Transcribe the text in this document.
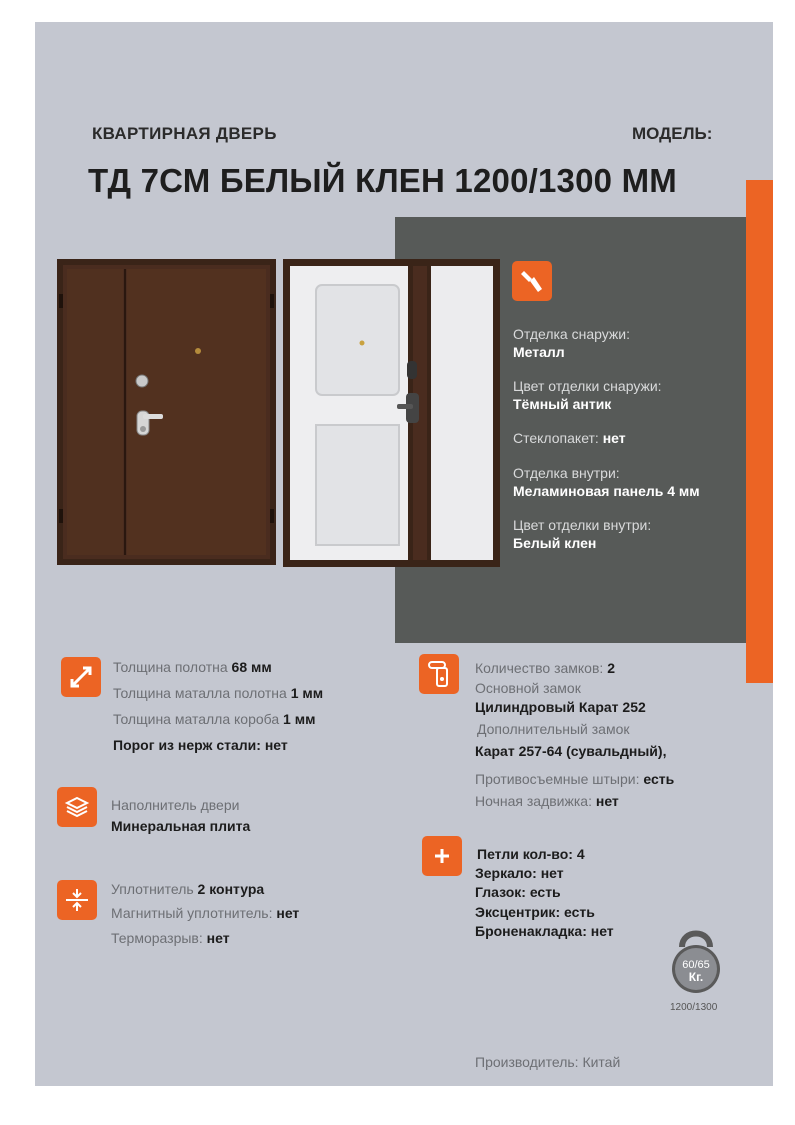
КВАРТИРНАЯ ДВЕРЬ	МОДЕЛЬ:
ТД 7СМ БЕЛЫЙ КЛЕН 1200/1300 ММ
Отделка снаружи:
Металл
Цвет отделки снаружи:
Тёмный антик
Стеклопакет: нет
Отделка внутри:
Меламиновая панель 4 мм
Цвет отделки внутри:
Белый клен
Толщина полотна 68 мм
Толщина маталла полотна 1 мм
Толщина маталла короба 1 мм
Порог из нерж стали: нет
Наполнитель двери
Минеральная плита
Уплотнитель 2 контура
Магнитный уплотнитель: нет
Терморазрыв: нет
Количество замков: 2
Основной замок
Цилиндровый Карат 252
Дополнительный замок
Карат 257-64 (сувальдный),
Противосъемные штыри: есть
Ночная задвижка: нет
Петли кол-во: 4
Зеркало: нет
Глазок: есть
Эксцентрик: есть
Броненакладка: нет
60/65
Кг.
1200/1300
Производитель: Китай
